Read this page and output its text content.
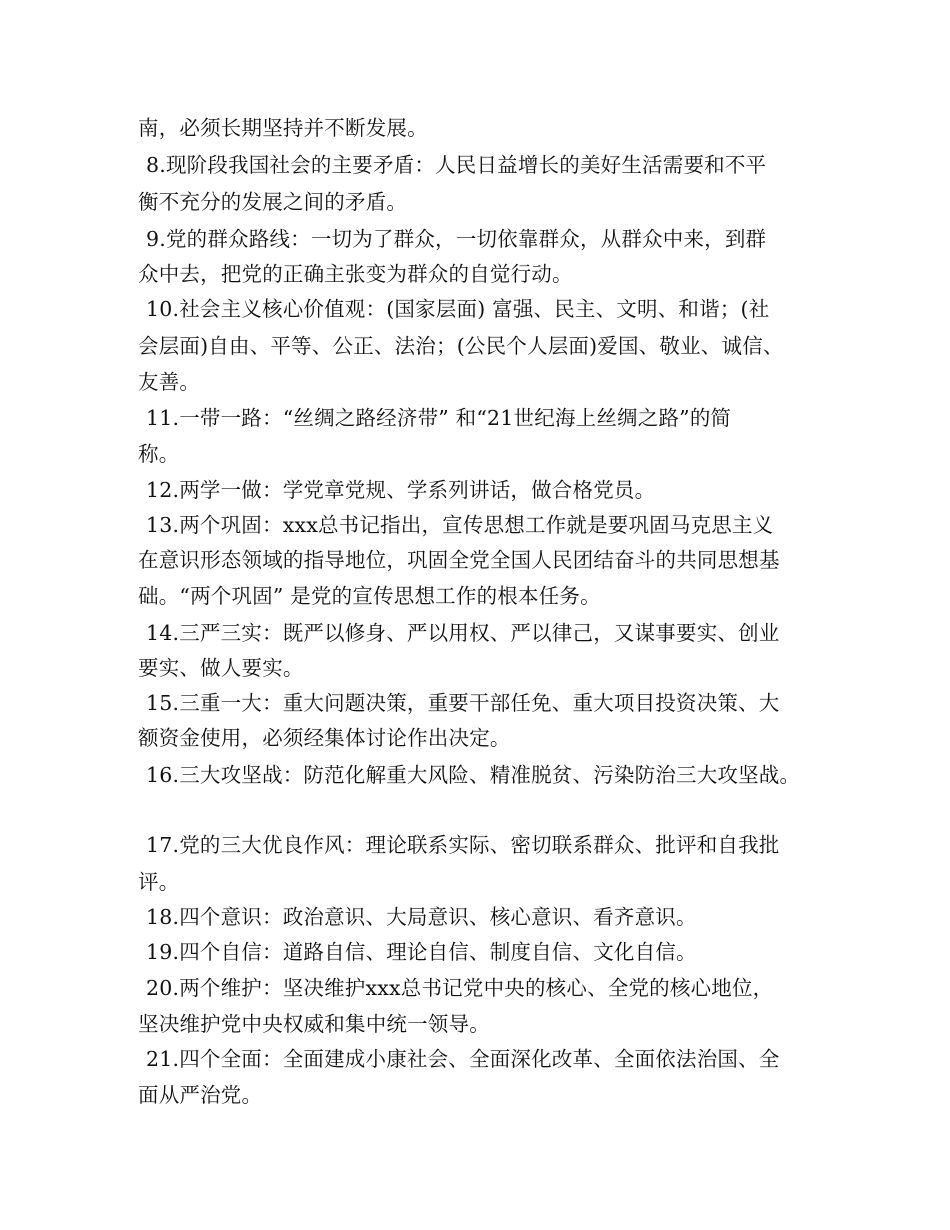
南，必须长期坚持并不断发展。
8.现阶段我国社会的主要矛盾：人民日益增长的美好生活需要和不平
衡不充分的发展之间的矛盾。
9.党的群众路线：一切为了群众，一切依靠群众，从群众中来，到群
众中去，把党的正确主张变为群众的自觉行动。
10.社会主义核心价值观：(国家层面) 富强、民主、文明、和谐；(社
会层面)自由、平等、公正、法治；(公民个人层面)爱国、敬业、诚信、
友善。
11.一带一路：“丝绸之路经济带” 和“21世纪海上丝绸之路”的简
称。
12.两学一做：学党章党规、学系列讲话，做合格党员。
13.两个巩固：xxx总书记指出，宣传思想工作就是要巩固马克思主义
在意识形态领域的指导地位，巩固全党全国人民团结奋斗的共同思想基
础。“两个巩固” 是党的宣传思想工作的根本任务。
14.三严三实：既严以修身、严以用权、严以律己，又谋事要实、创业
要实、做人要实。
15.三重一大：重大问题决策，重要干部任免、重大项目投资决策、大
额资金使用，必须经集体讨论作出决定。
16.三大攻坚战：防范化解重大风险、精准脱贫、污染防治三大攻坚战。
17.党的三大优良作风：理论联系实际、密切联系群众、批评和自我批
评。
18.四个意识：政治意识、大局意识、核心意识、看齐意识。
19.四个自信：道路自信、理论自信、制度自信、文化自信。
20.两个维护：坚决维护xxx总书记党中央的核心、全党的核心地位，
坚决维护党中央权威和集中统一领导。
21.四个全面：全面建成小康社会、全面深化改革、全面依法治国、全
面从严治党。
